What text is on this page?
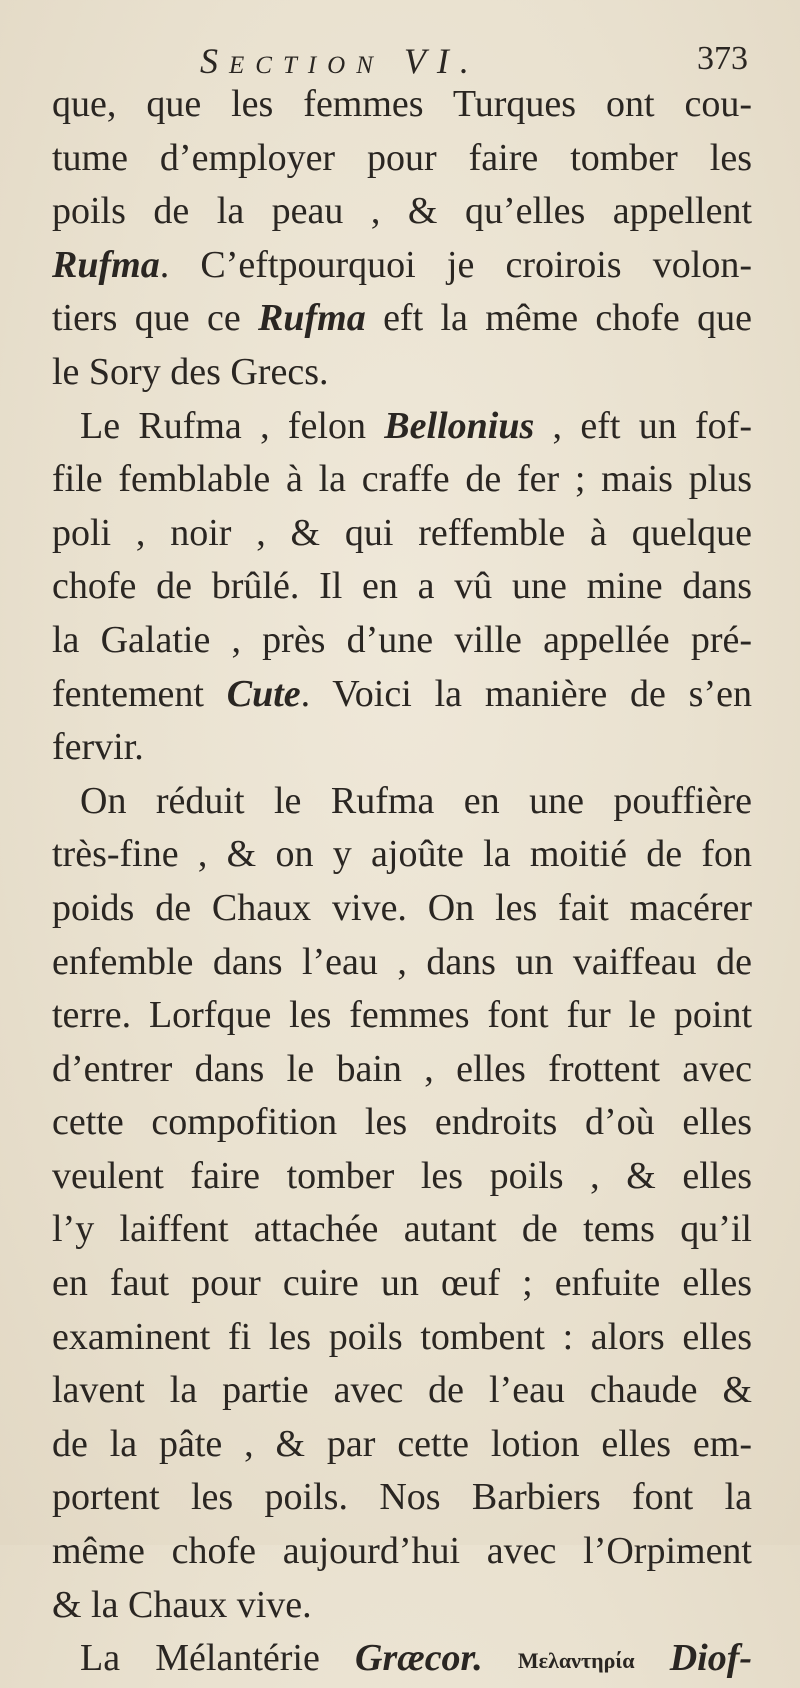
Section VI.	373
que, que les femmes Turques ont cou-
tume d’employer pour faire tomber les
poils de la peau , & qu’elles appellent
Rufma. C’eftpourquoi je croirois volon-
tiers que ce Rufma eft la même chofe que
le Sory des Grecs.
Le Rufma , felon Bellonius , eft un fof-
file femblable à la craffe de fer ; mais plus
poli , noir , & qui reffemble à quelque
chofe de brûlé. Il en a vû une mine dans
la Galatie , près d’une ville appellée pré-
fentement Cute. Voici la manière de s’en
fervir.
On réduit le Rufma en une pouffière
très-fine , & on y ajoûte la moitié de fon
poids de Chaux vive. On les fait macérer
enfemble dans l’eau , dans un vaiffeau de
terre. Lorfque les femmes font fur le point
d’entrer dans le bain , elles frottent avec
cette compofition les endroits d’où elles
veulent faire tomber les poils , & elles
l’y laiffent attachée autant de tems qu’il
en faut pour cuire un œuf ; enfuite elles
examinent fi les poils tombent : alors elles
lavent la partie avec de l’eau chaude &
de la pâte , & par cette lotion elles em-
portent les poils. Nos Barbiers font la
même chofe aujourd’hui avec l’Orpiment
& la Chaux vive.
La Mélantérie Græcor. Μελαντηρία Diof-
